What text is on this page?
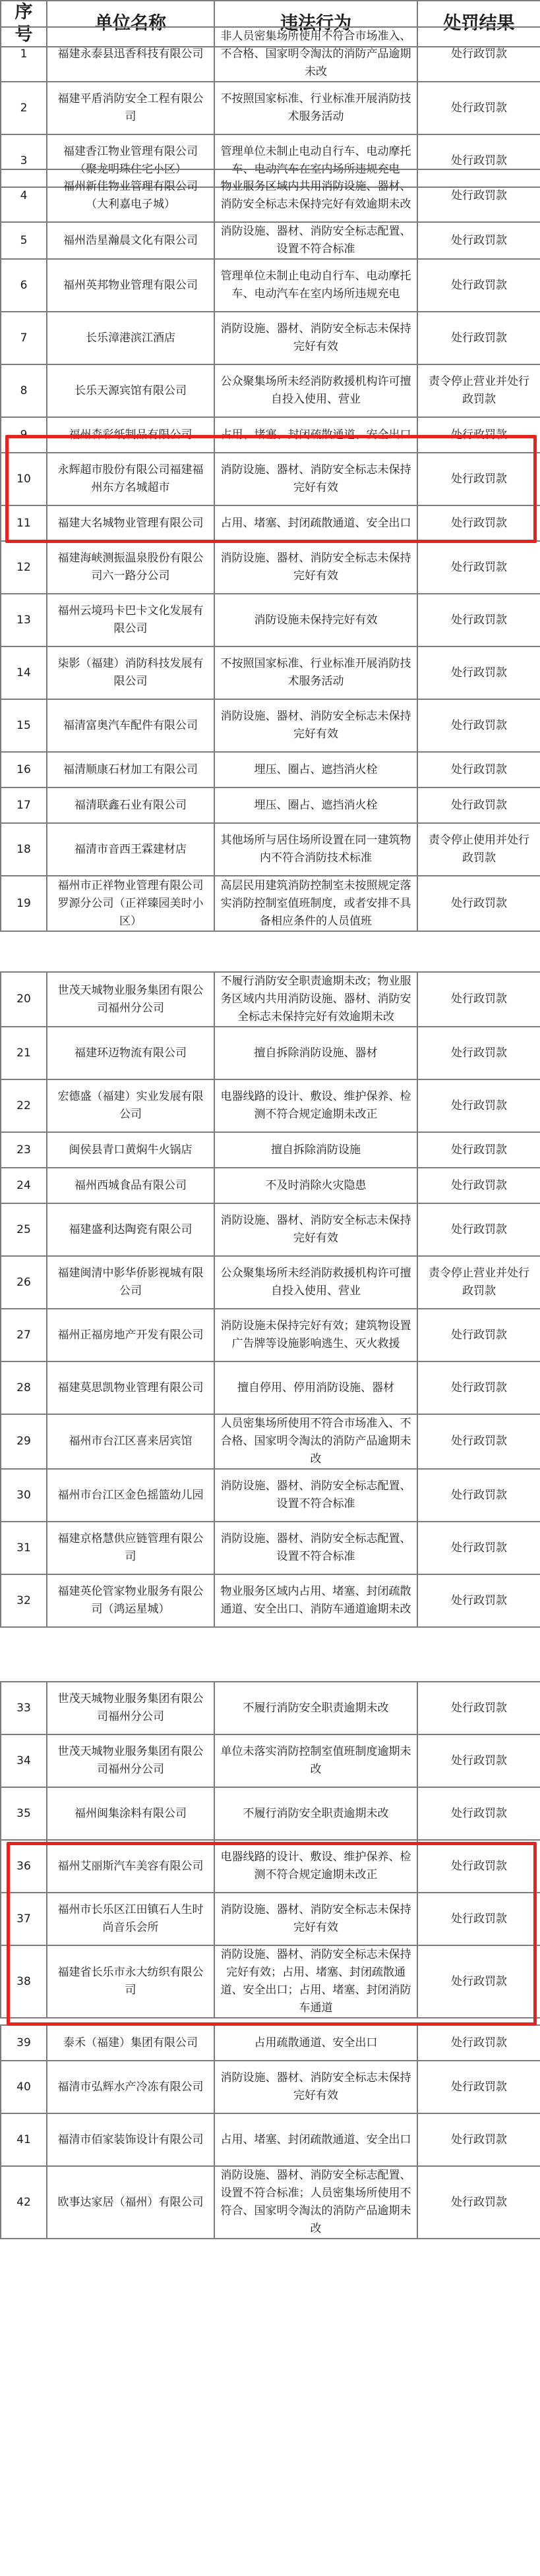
序号	单位名称	违法行为	处罚结果
1	福建永泰县迅香科技有限公司	非人员密集场所使用不符合市场准入、不合格、国家明令淘汰的消防产品逾期未改	处行政罚款
2	福建平盾消防安全工程有限公司	不按照国家标准、行业标准开展消防技术服务活动	处行政罚款
3	福建香江物业管理有限公司（聚龙明珠住宅小区）	管理单位未制止电动自行车、电动摩托车、电动汽车在室内场所违规充电	处行政罚款
4	福州新佳物业管理有限公司（大利嘉电子城）	物业服务区域内共用消防设施、器材、消防安全标志未保持完好有效逾期未改	处行政罚款
5	福州浩星瀚晨文化有限公司	消防设施、器材、消防安全标志配置、设置不符合标准	处行政罚款
6	福州英邦物业管理有限公司	管理单位未制止电动自行车、电动摩托车、电动汽车在室内场所违规充电	处行政罚款
7	长乐漳港滨江酒店	消防设施、器材、消防安全标志未保持完好有效	处行政罚款
8	长乐天源宾馆有限公司	公众聚集场所未经消防救援机构许可擅自投入使用、营业	责令停止营业并处行政罚款
9	福州森彩纸制品有限公司	占用、堵塞、封闭疏散通道、安全出口	处行政罚款
10	永辉超市股份有限公司福建福州东方名城超市	消防设施、器材、消防安全标志未保持完好有效	处行政罚款
11	福建大名城物业管理有限公司	占用、堵塞、封闭疏散通道、安全出口	处行政罚款
12	福建海峡测振温泉股份有限公司六一路分公司	消防设施、器材、消防安全标志未保持完好有效	处行政罚款
13	福州云境玛卡巴卡文化发展有限公司	消防设施未保持完好有效	处行政罚款
14	柒影（福建）消防科技发展有限公司	不按照国家标准、行业标准开展消防技术服务活动	处行政罚款
15	福清富奥汽车配件有限公司	消防设施、器材、消防安全标志未保持完好有效	处行政罚款
16	福清顺康石材加工有限公司	埋压、圈占、遮挡消火栓	处行政罚款
17	福清联鑫石业有限公司	埋压、圈占、遮挡消火栓	处行政罚款
18	福清市音西王霖建材店	其他场所与居住场所设置在同一建筑物内不符合消防技术标准	责令停止使用并处行政罚款
19	福州市正祥物业管理有限公司罗源分公司（正祥臻园美时小区）	高层民用建筑消防控制室未按照规定落实消防控制室值班制度，或者安排不具备相应条件的人员值班	处行政罚款
20	世茂天城物业服务集团有限公司福州分公司	不履行消防安全职责逾期未改；物业服务区域内共用消防设施、器材、消防安全标志未保持完好有效逾期未改	处行政罚款
21	福建环迈物流有限公司	擅自拆除消防设施、器材	处行政罚款
22	宏德盛（福建）实业发展有限公司	电器线路的设计、敷设、维护保养、检测不符合规定逾期未改正	处行政罚款
23	闽侯县青口黄焖牛火锅店	擅自拆除消防设施	处行政罚款
24	福州西城食品有限公司	不及时消除火灾隐患	处行政罚款
25	福建盛利达陶瓷有限公司	消防设施、器材、消防安全标志未保持完好有效	处行政罚款
26	福建闽清中影华侨影视城有限公司	公众聚集场所未经消防救援机构许可擅自投入使用、营业	责令停止营业并处行政罚款
27	福州正福房地产开发有限公司	消防设施未保持完好有效；建筑物设置广告牌等设施影响逃生、灭火救援	处行政罚款
28	福建莫思凯物业管理有限公司	擅自停用、停用消防设施、器材	处行政罚款
29	福州市台江区喜来居宾馆	人员密集场所使用不符合市场准入、不合格、国家明令淘汰的消防产品逾期未改	处行政罚款
30	福州市台江区金色摇篮幼儿园	消防设施、器材、消防安全标志配置、设置不符合标准	处行政罚款
31	福建京格慧供应链管理有限公司	消防设施、器材、消防安全标志配置、设置不符合标准	处行政罚款
32	福建英伦管家物业服务有限公司（鸿运星城）	物业服务区域内占用、堵塞、封闭疏散通道、安全出口、消防车通道逾期未改	处行政罚款
33	世茂天城物业服务集团有限公司福州分公司	不履行消防安全职责逾期未改	处行政罚款
34	世茂天城物业服务集团有限公司福州分公司	单位未落实消防控制室值班制度逾期未改	处行政罚款
35	福州闽集涂料有限公司	不履行消防安全职责逾期未改	处行政罚款
36	福州艾丽斯汽车美容有限公司	电器线路的设计、敷设、维护保养、检测不符合规定逾期未改正	处行政罚款
37	福州市长乐区江田镇石人生时尚音乐会所	消防设施、器材、消防安全标志未保持完好有效	处行政罚款
38	福建省长乐市永大纺织有限公司	消防设施、器材、消防安全标志未保持完好有效；占用、堵塞、封闭疏散通道、安全出口；占用、堵塞、封闭消防车通道	处行政罚款
39	泰禾（福建）集团有限公司	占用疏散通道、安全出口	处行政罚款
40	福清市弘辉水产冷冻有限公司	消防设施、器材、消防安全标志未保持完好有效	处行政罚款
41	福清市佰家装饰设计有限公司	占用、堵塞、封闭疏散通道、安全出口	处行政罚款
42	欧事达家居（福州）有限公司	消防设施、器材、消防安全标志配置、设置不符合标准；人员密集场所使用不符合、国家明令淘汰的消防产品逾期未改	处行政罚款
